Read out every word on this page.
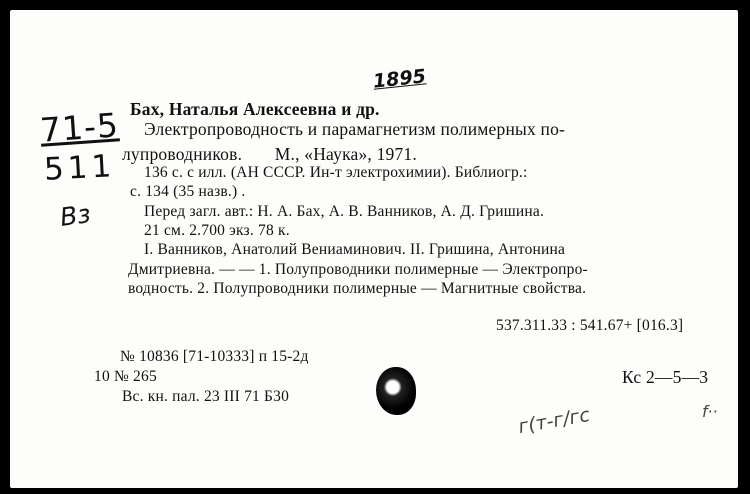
1895
71-5
511
Вз
Бах, Наталья Алексеевна и др.
Электропроводность и парамагнетизм полимерных по-
лупроводников. М., «Наука», 1971.
136 с. с илл. (АН СССР. Ин-т электрохимии). Библиогр.:
с. 134 (35 назв.) .
Перед загл. авт.: Н. А. Бах, А. В. Ванников, А. Д. Гришина.
21 см. 2.700 экз. 78 к.
I. Ванников, Анатолий Вениаминович. II. Гришина, Антонина
Дмитриевна. — — 1. Полупроводники полимерные — Электропро-
водность. 2. Полупроводники полимерные — Магнитные свойства.
537.311.33 : 541.67+ [016.3]
№ 10836 [71-10333] п 15-2д
10 № 265
Вс. кн. пал. 23 III 71 Б30
Кс 2—5—3
г(т-г/гс	f⋅⋅
